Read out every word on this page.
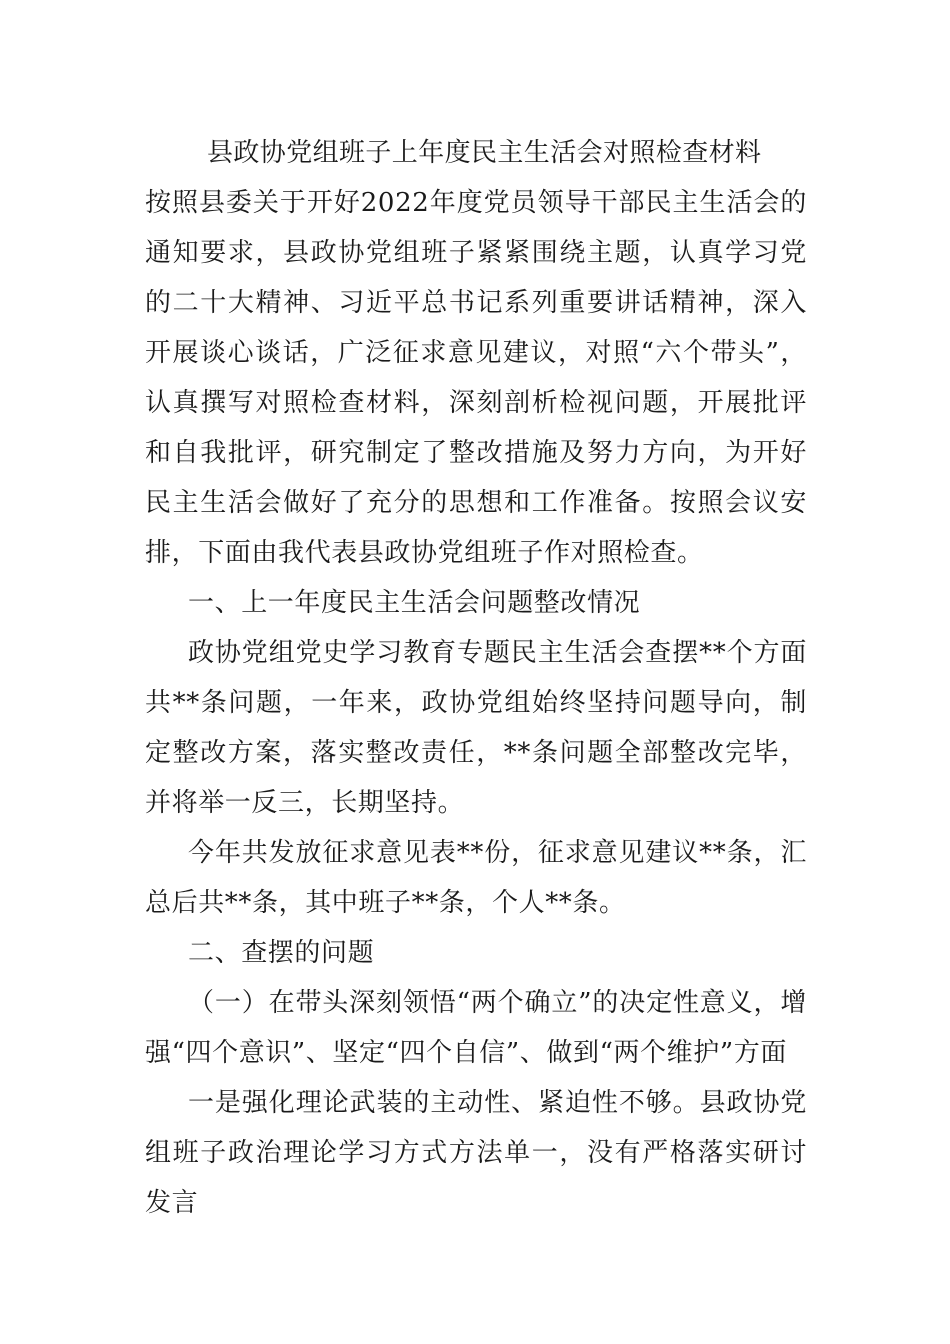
县政协党组班子上年度民主生活会对照检查材料

按照县委关于开好2022年度党员领导干部民主生活会的通知要求，县政协党组班子紧紧围绕主题，认真学习党的二十大精神、习近平总书记系列重要讲话精神，深入开展谈心谈话，广泛征求意见建议，对照“六个带头”，认真撰写对照检查材料，深刻剖析检视问题，开展批评和自我批评，研究制定了整改措施及努力方向，为开好民主生活会做好了充分的思想和工作准备。按照会议安排，下面由我代表县政协党组班子作对照检查。

一、上一年度民主生活会问题整改情况

政协党组党史学习教育专题民主生活会查摆**个方面共**条问题，一年来，政协党组始终坚持问题导向，制定整改方案，落实整改责任，**条问题全部整改完毕，并将举一反三，长期坚持。

今年共发放征求意见表**份，征求意见建议**条，汇总后共**条，其中班子**条，个人**条。

二、查摆的问题

（一）在带头深刻领悟“两个确立”的决定性意义，增强“四个意识”、坚定“四个自信”、做到“两个维护”方面

一是强化理论武装的主动性、紧迫性不够。县政协党组班子政治理论学习方式方法单一，没有严格落实研讨发言
